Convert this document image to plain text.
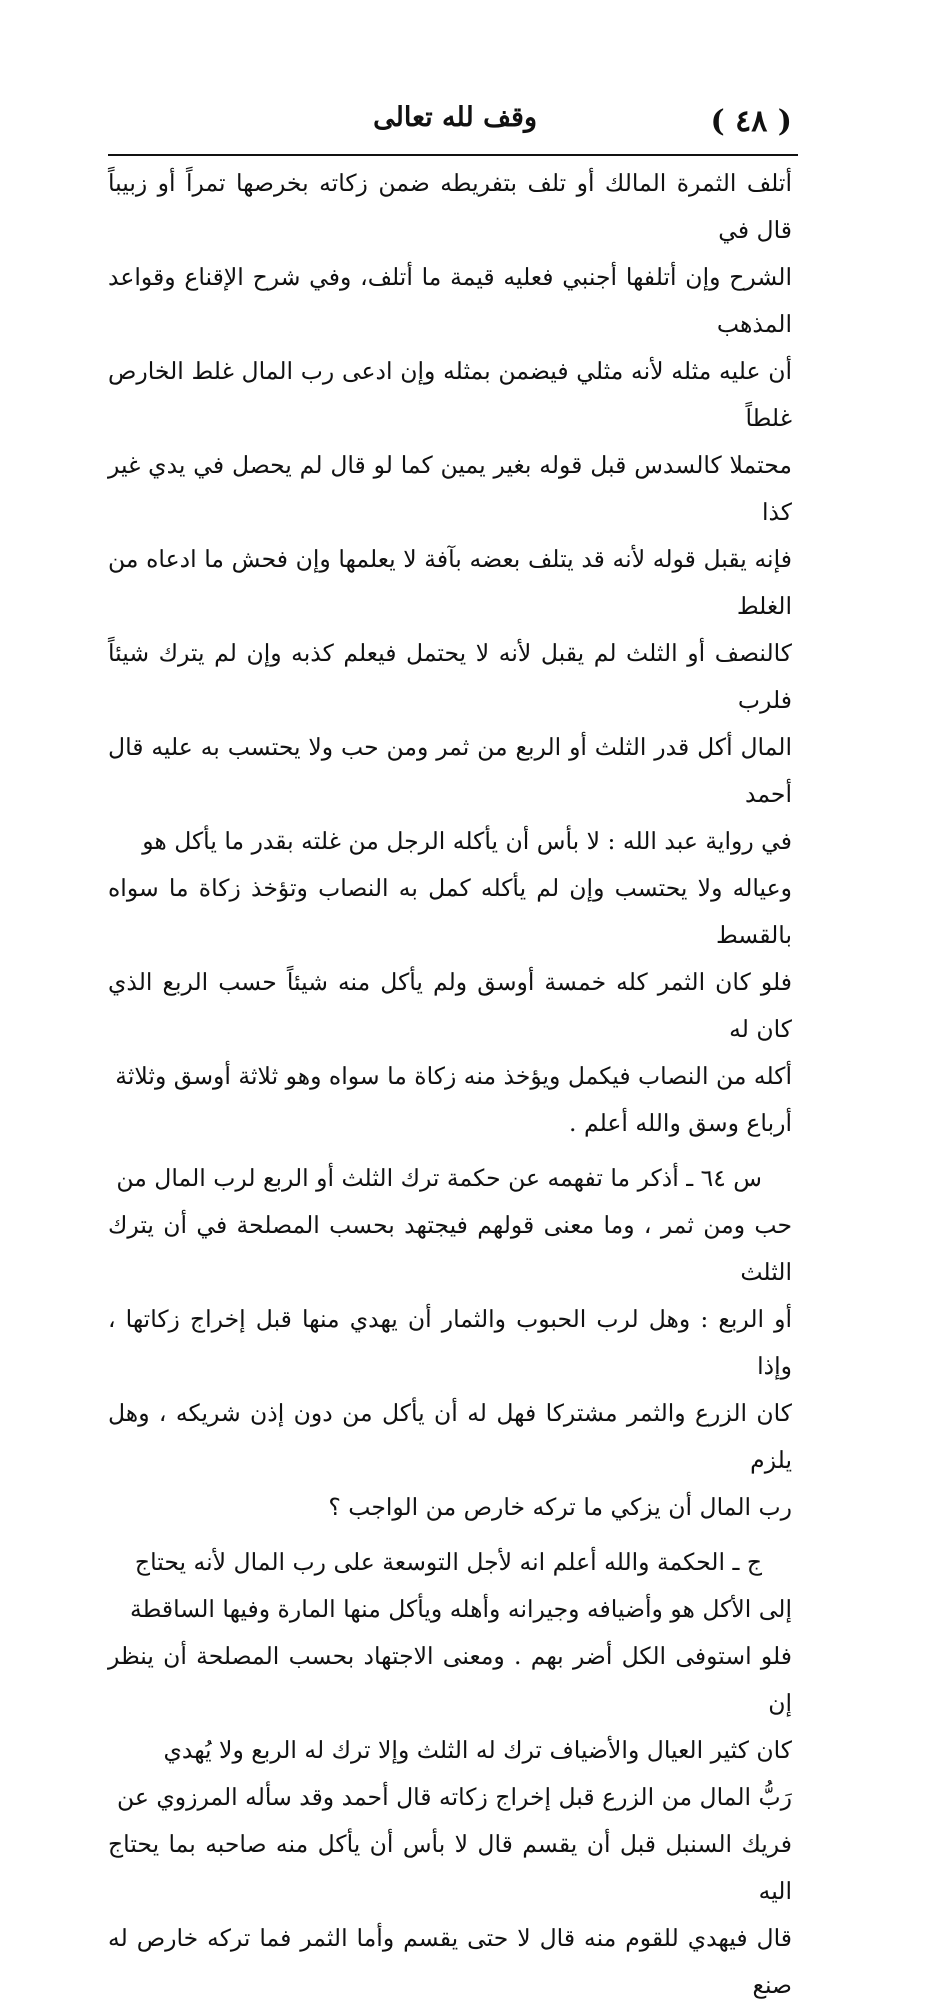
( ٤٨ )
وقف لله تعالى

أتلف الثمرة المالك أو تلف بتفريطه ضمن زكاته بخرصها تمراً أو زبيباً قال في
الشرح وإن أتلفها أجنبي فعليه قيمة ما أتلف، وفي شرح الإقناع وقواعد المذهب
أن عليه مثله لأنه مثلي فيضمن بمثله وإن ادعى رب المال غلط الخارص غلطاً
محتملا كالسدس قبل قوله بغير يمين كما لو قال لم يحصل في يدي غير كذا
فإنه يقبل قوله لأنه قد يتلف بعضه بآفة لا يعلمها وإن فحش ما ادعاه من الغلط
كالنصف أو الثلث لم يقبل لأنه لا يحتمل فيعلم كذبه وإن لم يترك شيئاً فلرب
المال أكل قدر الثلث أو الربع من ثمر ومن حب ولا يحتسب به عليه قال أحمد
في رواية عبد الله : لا بأس أن يأكله الرجل من غلته بقدر ما يأكل هو
وعياله ولا يحتسب وإن لم يأكله كمل به النصاب وتؤخذ زكاة ما سواه بالقسط
فلو كان الثمر كله خمسة أوسق ولم يأكل منه شيئاً حسب الربع الذي كان له
أكله من النصاب فيكمل ويؤخذ منه زكاة ما سواه وهو ثلاثة أوسق وثلاثة
أرباع وسق والله أعلم .

س ٦٤ ـ أذكر ما تفهمه عن حكمة ترك الثلث أو الربع لرب المال من
حب ومن ثمر ، وما معنى قولهم فيجتهد بحسب المصلحة في أن يترك الثلث
أو الربع : وهل لرب الحبوب والثمار أن يهدي منها قبل إخراج زكاتها ، وإذا
كان الزرع والثمر مشتركا فهل له أن يأكل من دون إذن شريكه ، وهل يلزم
رب المال أن يزكي ما تركه خارص من الواجب ؟

ج ـ الحكمة والله أعلم انه لأجل التوسعة على رب المال لأنه يحتاج
إلى الأكل هو وأضيافه وجيرانه وأهله ويأكل منها المارة وفيها الساقطة
فلو استوفى الكل أضر بهم . ومعنى الاجتهاد بحسب المصلحة أن ينظر إن
كان كثير العيال والأضياف ترك له الثلث وإلا ترك له الربع ولا يُهدي
رَبُّ المال من الزرع قبل إخراج زكاته قال أحمد وقد سأله المرزوي عن
فريك السنبل قبل أن يقسم قال لا بأس أن يأكل منه صاحبه بما يحتاج اليه
قال فيهدي للقوم منه قال لا حتى يقسم وأما الثمر فما تركه خارص له صنع
